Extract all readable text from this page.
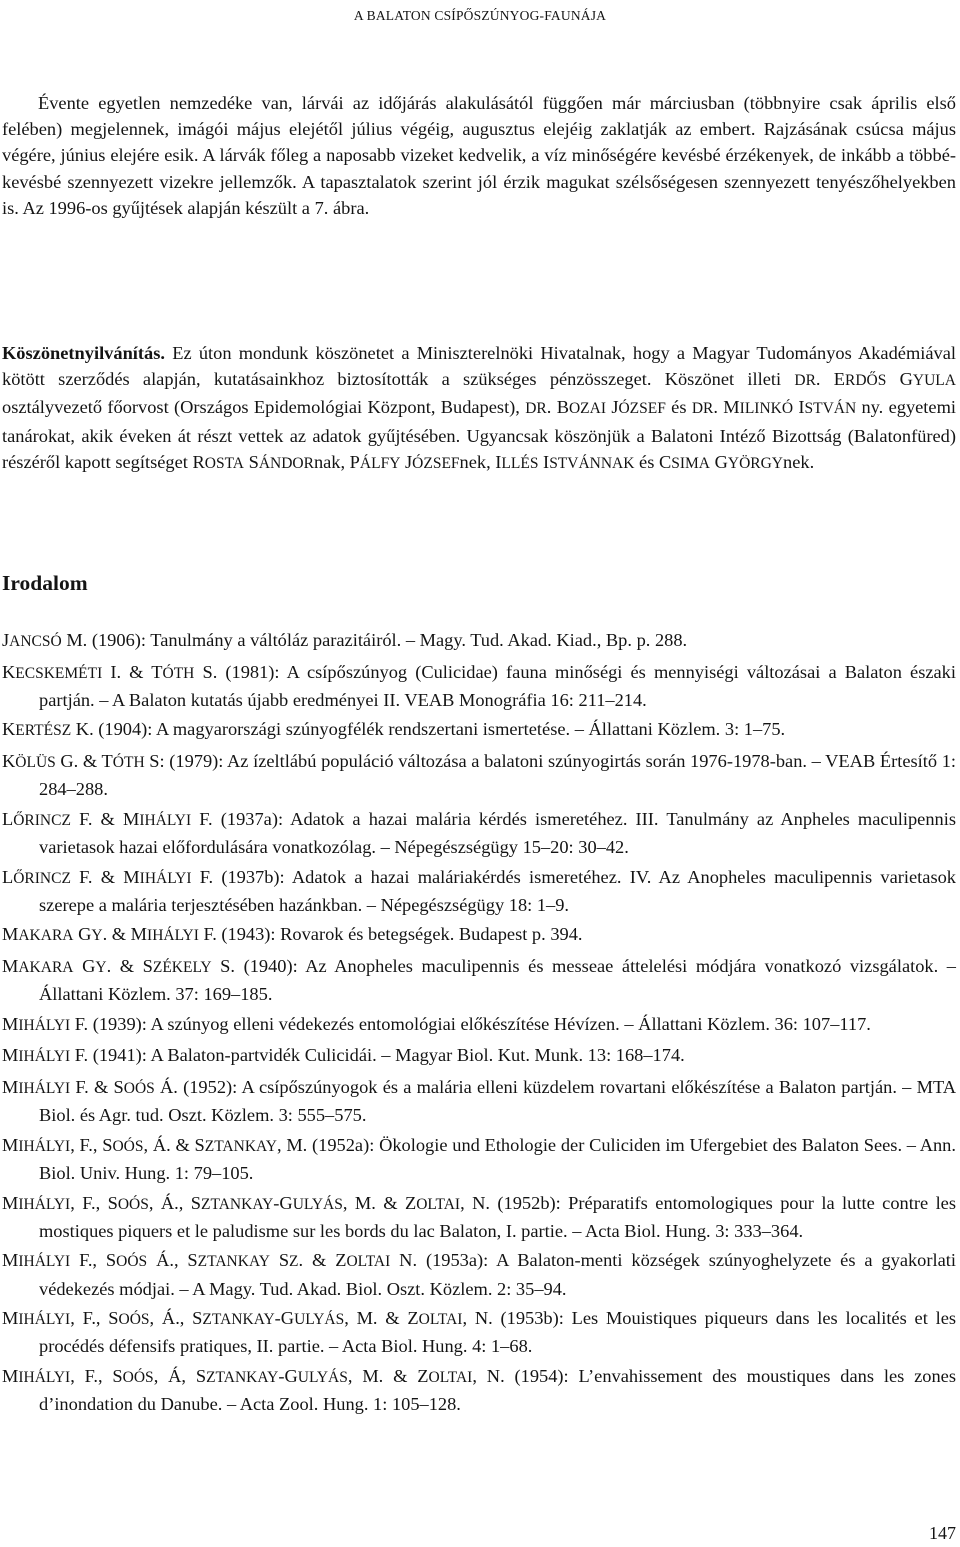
A BALATON CSÍPŐSZÚNYOG-FAUNÁJA

Évente egyetlen nemzedéke van, lárvái az időjárás alakulásától függően már márciusban (többnyire csak április első felében) megjelennek, imágói május elejétől július végéig, augusztus elejéig zaklatják az embert. Rajzásának csúcsa május végére, június elejére esik. A lárvák főleg a naposabb vizeket kedvelik, a víz minőségére kevésbé érzékenyek, de inkább a többé-kevésbé szennyezett vizekre jellemzők. A tapasztalatok szerint jól érzik magukat szélsőségesen szennyezett tenyészőhelyekben is. Az 1996-os gyűjtések alapján készült a 7. ábra.

Köszönetnyilvánítás. Ez úton mondunk köszönetet a Miniszterelnöki Hivatalnak, hogy a Magyar Tudományos Akadémiával kötött szerződés alapján, kutatásainkhoz biztosították a szükséges pénzösszeget. Köszönet illeti DR. ERDŐS GYULA osztályvezető főorvost (Országos Epidemológiai Központ, Budapest), DR. BOZAI JÓZSEF és DR. MILINKÓ ISTVÁN ny. egyetemi tanárokat, akik éveken át részt vettek az adatok gyűjtésében. Ugyancsak köszönjük a Balatoni Intéző Bizottság (Balatonfüred) részéről kapott segítséget ROSTA SÁNDORnak, PÁLFY JÓZSEFnek, ILLÉS ISTVÁNNAK és CSIMA GYÖRGYnek.

Irodalom
JANCSÓ M. (1906): Tanulmány a váltóláz parazitáiról. – Magy. Tud. Akad. Kiad., Bp. p. 288.
KECSKEMÉTI I. & TÓTH S. (1981): A csípőszúnyog (Culicidae) fauna minőségi és mennyiségi változásai a Balaton északi partján. – A Balaton kutatás újabb eredményei II. VEAB Monográfia 16: 211–214.
KERTÉSZ K. (1904): A magyarországi szúnyogfélék rendszertani ismertetése. – Állattani Közlem. 3: 1–75.
KÖLÜS G. & TÓTH S: (1979): Az ízeltlábú populáció változása a balatoni szúnyogirtás során 1976-1978-ban. – VEAB Értesítő 1: 284–288.
LŐRINCZ F. & MIHÁLYI F. (1937a): Adatok a hazai malária kérdés ismeretéhez. III. Tanulmány az Anpheles maculipennis varietasok hazai előfordulására vonatkozólag. – Népegészségügy 15–20: 30–42.
LŐRINCZ F. & MIHÁLYI F. (1937b): Adatok a hazai maláriakérdés ismeretéhez. IV. Az Anopheles maculipennis varietasok szerepe a malária terjesztésében hazánkban. – Népegészségügy 18: 1–9.
MAKARA GY. & MIHÁLYI F. (1943): Rovarok és betegségek. Budapest p. 394.
MAKARA GY. & SZÉKELY S. (1940): Az Anopheles maculipennis és messeae áttelelési módjára vonatkozó vizsgálatok. – Állattani Közlem. 37: 169–185.
MIHÁLYI F. (1939): A szúnyog elleni védekezés entomológiai előkészítése Hévízen. – Állattani Közlem. 36: 107–117.
MIHÁLYI F. (1941): A Balaton-partvidék Culicidái. – Magyar Biol. Kut. Munk. 13: 168–174.
MIHÁLYI F. & SOÓS Á. (1952): A csípőszúnyogok és a malária elleni küzdelem rovartani előkészítése a Balaton partján. – MTA Biol. és Agr. tud. Oszt. Közlem. 3: 555–575.
MIHÁLYI, F., SOÓS, Á. & SZTANKAY, M. (1952a): Ökologie und Ethologie der Culiciden im Ufergebiet des Balaton Sees. – Ann. Biol. Univ. Hung. 1: 79–105.
MIHÁLYI, F., SOÓS, Á., SZTANKAY-GULYÁS, M. & ZOLTAI, N. (1952b): Préparatifs entomologiques pour la lutte contre les mostiques piquers et le paludisme sur les bords du lac Balaton, I. partie. – Acta Biol. Hung. 3: 333–364.
MIHÁLYI F., SOÓS Á., SZTANKAY SZ. & ZOLTAI N. (1953a): A Balaton-menti községek szúnyoghelyzete és a gyakorlati védekezés módjai. – A Magy. Tud. Akad. Biol. Oszt. Közlem. 2: 35–94.
MIHÁLYI, F., SOÓS, Á., SZTANKAY-GULYÁS, M. & ZOLTAI, N. (1953b): Les Mouistiques piqueurs dans les localités et les procédés défensifs pratiques, II. partie. – Acta Biol. Hung. 4: 1–68.
MIHÁLYI, F., SOÓS, Á, SZTANKAY-GULYÁS, M. & ZOLTAI, N. (1954): L’envahissement des moustiques dans les zones d’inondation du Danube. – Acta Zool. Hung. 1: 105–128.
147
